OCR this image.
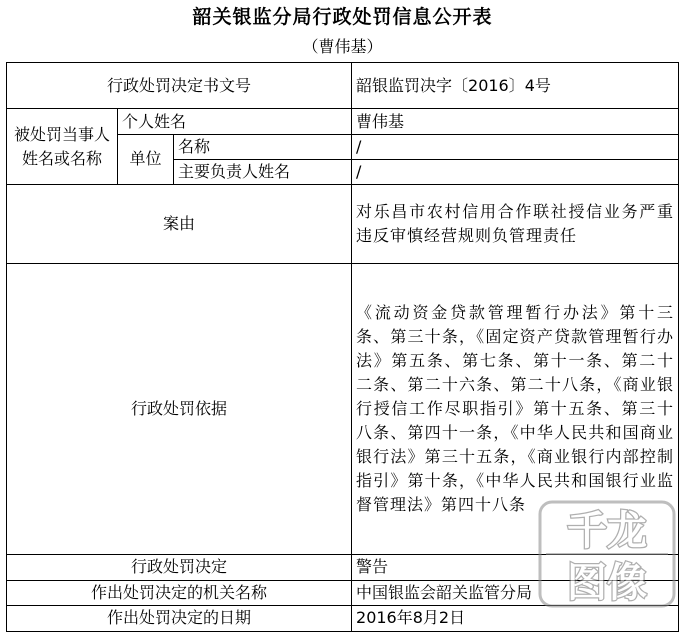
韶关银监分局行政处罚信息公开表
（曹伟基）
行政处罚决定书文号			韶银监罚决字〔2016〕4号
被处罚当事人姓名或名称	个人姓名		曹伟基
	单位	名称	/
		主要负责人姓名	/
案由			对乐昌市农村信用合作联社授信业务严重违反审慎经营规则负管理责任
行政处罚依据			《流动资金贷款管理暂行办法》第十三条、第三十条，《固定资产贷款管理暂行办法》第五条、第七条、第十一条、第二十二条、第二十六条、第二十八条，《商业银行授信工作尽职指引》第十五条、第三十八条、第四十一条，《中华人民共和国商业银行法》第三十五条，《商业银行内部控制指引》第十条，《中华人民共和国银行业监督管理法》第四十八条
行政处罚决定			警告
作出处罚决定的机关名称			中国银监会韶关监管分局
作出处罚决定的日期			2016年8月2日
千龙
图像
